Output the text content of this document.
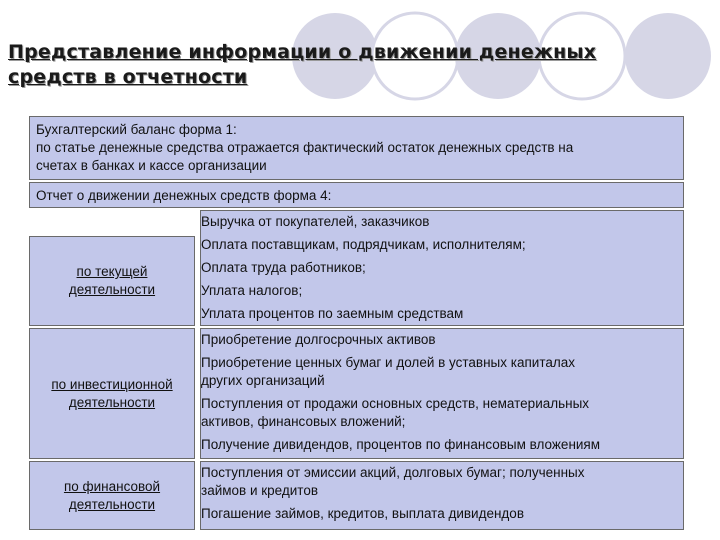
Представление информации о движении денежных
средств в отчетности
Бухгалтерский баланс форма 1:
по статье денежные средства отражается фактический остаток денежных средств на
счетах в банках и кассе организации
Отчет о движении денежных средств форма 4:
по текущей
деятельности
Выручка от покупателей, заказчиков
Оплата поставщикам, подрядчикам, исполнителям;
Оплата труда работников;
Уплата налогов;
Уплата процентов по заемным средствам
по инвестиционной
деятельности
Приобретение долгосрочных активов
Приобретение ценных бумаг и долей в уставных капиталах
других организаций
Поступления от продажи основных средств, нематериальных
активов, финансовых вложений;
Получение дивидендов, процентов по финансовым вложениям
по финансовой
деятельности
Поступления от эмиссии акций, долговых бумаг; полученных
займов и кредитов
Погашение займов, кредитов, выплата дивидендов
